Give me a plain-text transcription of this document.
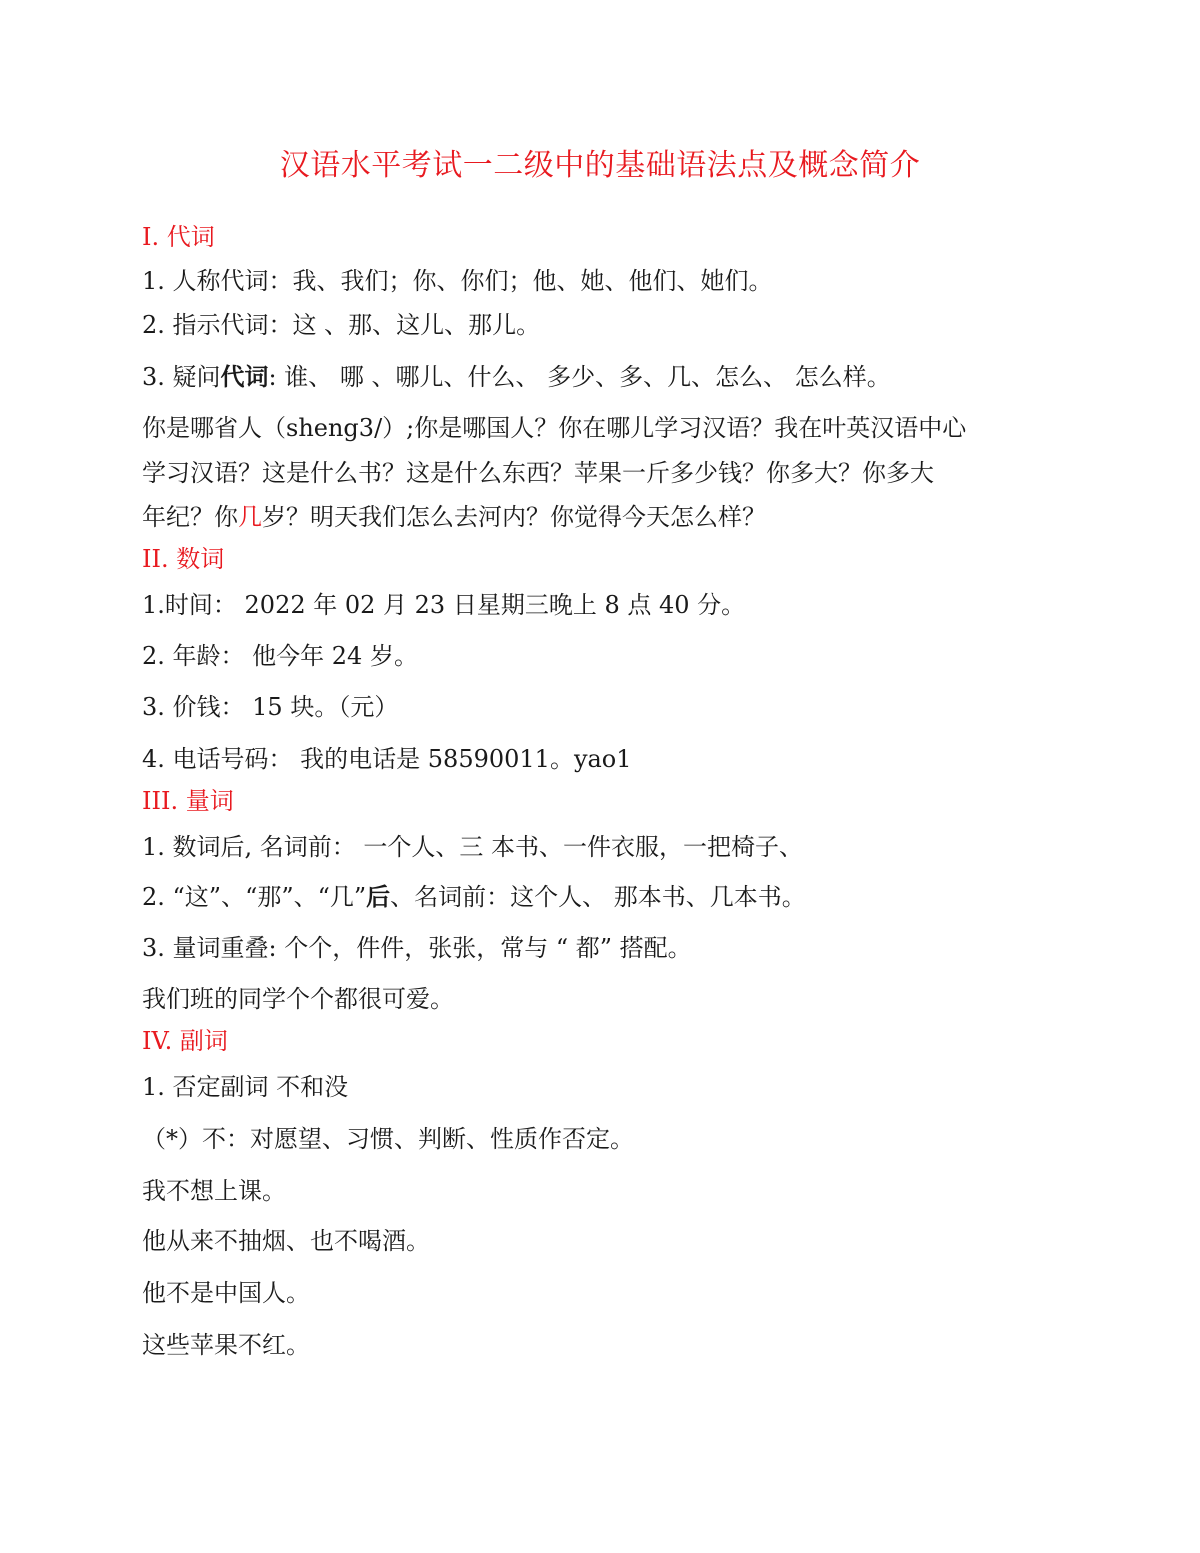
汉语水平考试一二级中的基础语法点及概念简介

I. 代词

1. 人称代词：我、我们；你、你们；他、她、他们、她们。

2. 指示代词：这 、那、这儿、那儿。

3. 疑问代词: 谁、 哪 、哪儿、什么、 多少、多、几、怎么、 怎么样。

你是哪省人（sheng3/）;你是哪国人？你在哪儿学习汉语？我在叶英汉语中心

学习汉语？这是什么书？这是什么东西？苹果一斤多少钱？你多大？你多大

年纪？你几岁？明天我们怎么去河内？你觉得今天怎么样？

II. 数词

1.时间： 2022 年 02 月 23 日星期三晚上 8 点 40 分。

2. 年龄： 他今年 24 岁。

3. 价钱： 15 块。（元）

4. 电话号码： 我的电话是 58590011。yao1

III. 量词

1. 数词后, 名词前： 一个人、三 本书、一件衣服，一把椅子、

2. “这”、“那”、“几”后、名词前：这个人、 那本书、几本书。

3. 量词重叠: 个个，件件，张张，常与 “ 都” 搭配。

我们班的同学个个都很可爱。

IV. 副词

1. 否定副词 不和没

（*）不：对愿望、习惯、判断、性质作否定。

我不想上课。

他从来不抽烟、也不喝酒。

他不是中国人。

这些苹果不红。
